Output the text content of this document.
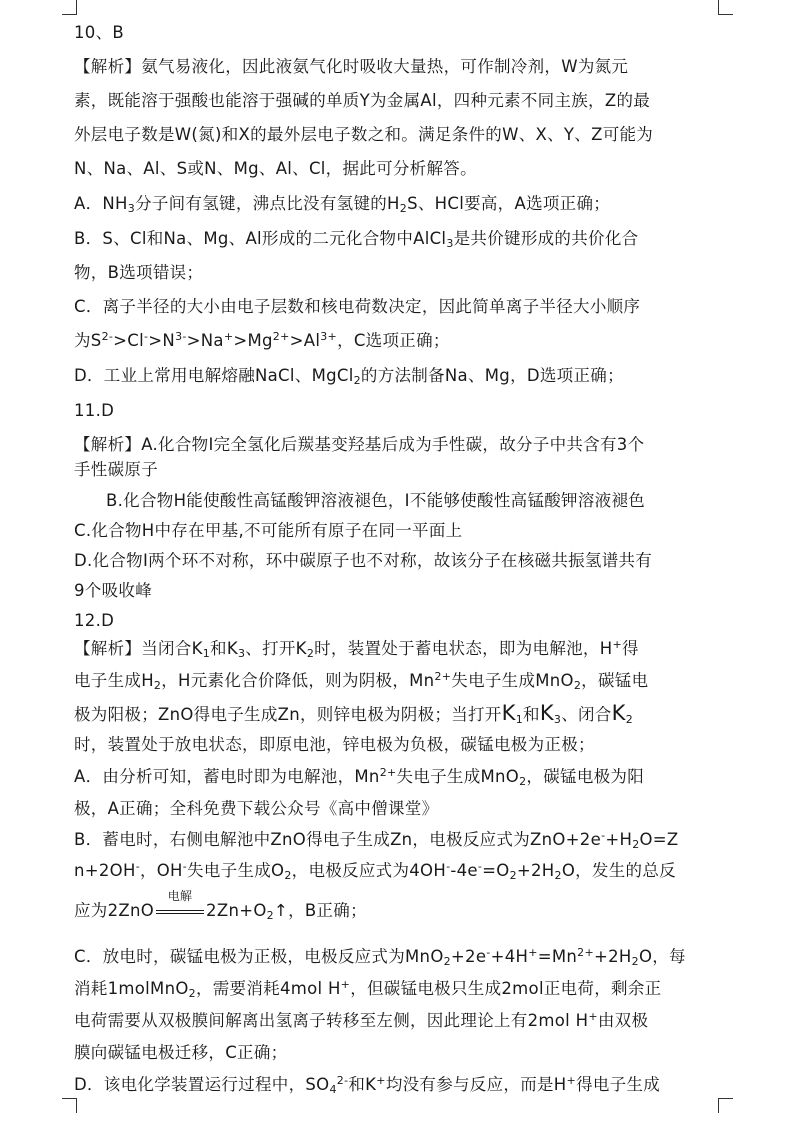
10、B
【解析】氨气易液化，因此液氨气化时吸收大量热，可作制冷剂，W为氮元
素，既能溶于强酸也能溶于强碱的单质Y为金属Al，四种元素不同主族，Z的最
外层电子数是W(氮)和X的最外层电子数之和。满足条件的W、X、Y、Z可能为
N、Na、Al、S或N、Mg、Al、Cl，据此可分析解答。
A．$NH_3$分子间有氢键，沸点比没有氢键的$H_2S$、HCl要高，A选项正确；
B．S、Cl和Na、Mg、Al形成的二元化合物中AlCl$_3$是共价键形成的共价化合
物，B选项错误；
C．离子半径的大小由电子层数和核电荷数决定，因此简单离子半径大小顺序
为$S^{2-}>Cl^->N^{3-}>Na^+>Mg^{2+}>Al^{3+}$，C选项正确；
D．工业上常用电解熔融NaCl、MgCl$_2$的方法制备Na、Mg，D选项正确；
11.D
【解析】A.化合物I完全氢化后羰基变羟基后成为手性碳，故分子中共含有3个
手性碳原子
B.化合物H能使酸性高锰酸钾溶液褪色，I不能够使酸性高锰酸钾溶液褪色
C.化合物H中存在甲基,不可能所有原子在同一平面上
D.化合物I两个环不对称，环中碳原子也不对称，故该分子在核磁共振氢谱共有
9个吸收峰
12.D
【解析】当闭合$K_1$和$K_3$、打开$K_2$时，装置处于蓄电状态，即为电解池，H+得
电子生成$H_2$，H元素化合价降低，则为阴极，$Mn^{2+}$失电子生成MnO$_2$，碳锰电
极为阳极；ZnO得电子生成Zn，则锌电极为阴极；当打开$K_1$和$K_3$、闭合$K_2$
时，装置处于放电状态，即原电池，锌电极为负极，碳锰电极为正极；
A．由分析可知，蓄电时即为电解池，$Mn^{2+}$失电子生成MnO$_2$，碳锰电极为阳
极，A正确；全科免费下载公众号《高中僧课堂》
B．蓄电时，右侧电解池中ZnO得电子生成Zn，电极反应式为$ZnO+2e^-+H_2O=Z$
n+2OH-，OH-失电子生成$O_2$，电极反应式为$4OH^--4e^-=O_2+2H_2O$，发生的总反
应为2ZnO
电解
$2Zn+O_2↑$，B正确；
C．放电时，碳锰电极为正极，电极反应式为$MnO_2+2e^-+4H^+=Mn^{2+}+2H_2O$，每
消耗1molMnO$_2$，需要消耗4mol H+，但碳锰电极只生成2mol正电荷，剩余正
电荷需要从双极膜间解离出氢离子转移至左侧，因此理论上有2mol H+由双极
膜向碳锰电极迁移，C正确；
D．该电化学装置运行过程中，$SO_4^{2-}$和K+均没有参与反应，而是H+得电子生成
